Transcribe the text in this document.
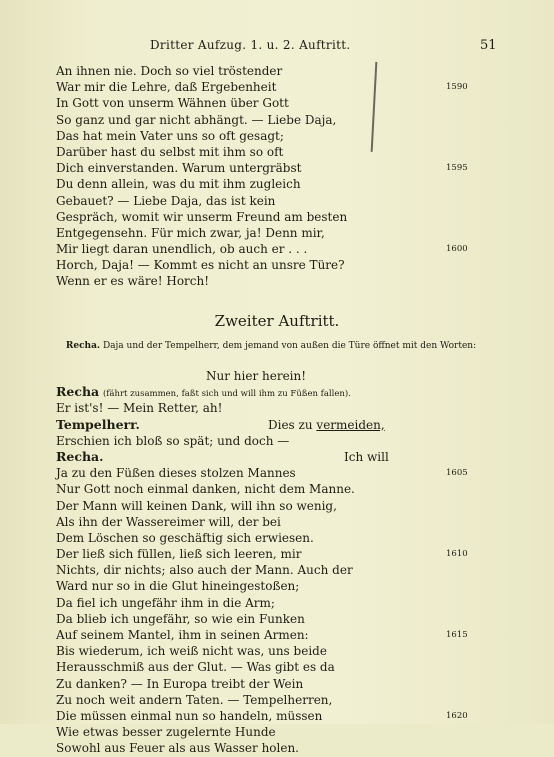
Dritter Aufzug. 1. u. 2. Auftritt.	51
An ihnen nie. Doch so viel tröstender
War mir die Lehre, daß Ergebenheit	1590
In Gott von unserm Wähnen über Gott
So ganz und gar nicht abhängt. — Liebe Daja,
Das hat mein Vater uns so oft gesagt;
Darüber hast du selbst mit ihm so oft
Dich einverstanden. Warum untergräbst	1595
Du denn allein, was du mit ihm zugleich
Gebauet? — Liebe Daja, das ist kein
Gespräch, womit wir unserm Freund am besten
Entgegensehn. Für mich zwar, ja! Denn mir,
Mir liegt daran unendlich, ob auch er . . .	1600
Horch, Daja! — Kommt es nicht an unsre Türe?
Wenn er es wäre! Horch!
Zweiter Auftritt.
Recha. Daja und der Tempelherr, dem jemand von außen die Türe öffnet mit den Worten:
Nur hier herein!
Recha (fährt zusammen, faßt sich und will ihm zu Füßen fallen).
Er ist's! — Mein Retter, ah!
Tempelherr.	Dies zu vermeiden,
Erschien ich bloß so spät; und doch —
Recha.	Ich will
Ja zu den Füßen dieses stolzen Mannes	1605
Nur Gott noch einmal danken, nicht dem Manne.
Der Mann will keinen Dank, will ihn so wenig,
Als ihn der Wassereimer will, der bei
Dem Löschen so geschäftig sich erwiesen.
Der ließ sich füllen, ließ sich leeren, mir	1610
Nichts, dir nichts; also auch der Mann. Auch der
Ward nur so in die Glut hineingestoßen;
Da fiel ich ungefähr ihm in die Arm;
Da blieb ich ungefähr, so wie ein Funken
Auf seinem Mantel, ihm in seinen Armen:	1615
Bis wiederum, ich weiß nicht was, uns beide
Herausschmiß aus der Glut. — Was gibt es da
Zu danken? — In Europa treibt der Wein
Zu noch weit andern Taten. — Tempelherren,
Die müssen einmal nun so handeln, müssen	1620
Wie etwas besser zugelernte Hunde
Sowohl aus Feuer als aus Wasser holen.
